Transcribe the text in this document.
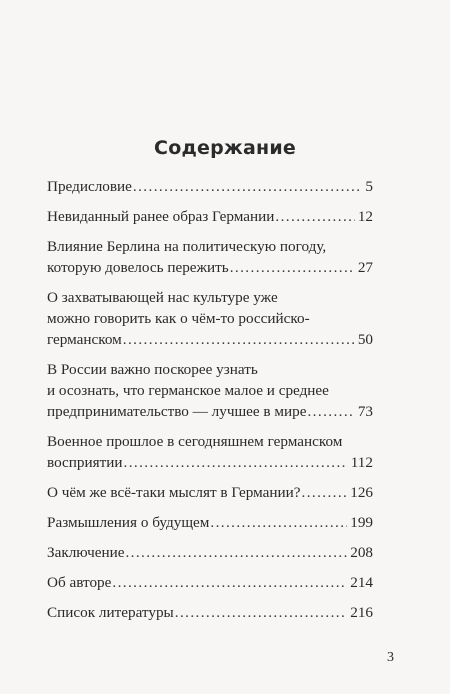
Содержание
Предисловие . . .	5
Невиданный ранее образ Германии . . .	12
Влияние Берлина на политическую погоду,
которую довелось пережить . . .	27
О захватывающей нас культуре уже
можно говорить как о чём-то российско-
германском . . .	50
В России важно поскорее узнать
и осознать, что германское малое и среднее
предпринимательство — лучшее в мире . . .	73
Военное прошлое в сегодняшнем германском
восприятии . . .	112
О чём же всё-таки мыслят в Германии? . . .	126
Размышления о будущем . . .	199
Заключение . . .	208
Об авторе . . .	214
Список литературы . . .	216
3
